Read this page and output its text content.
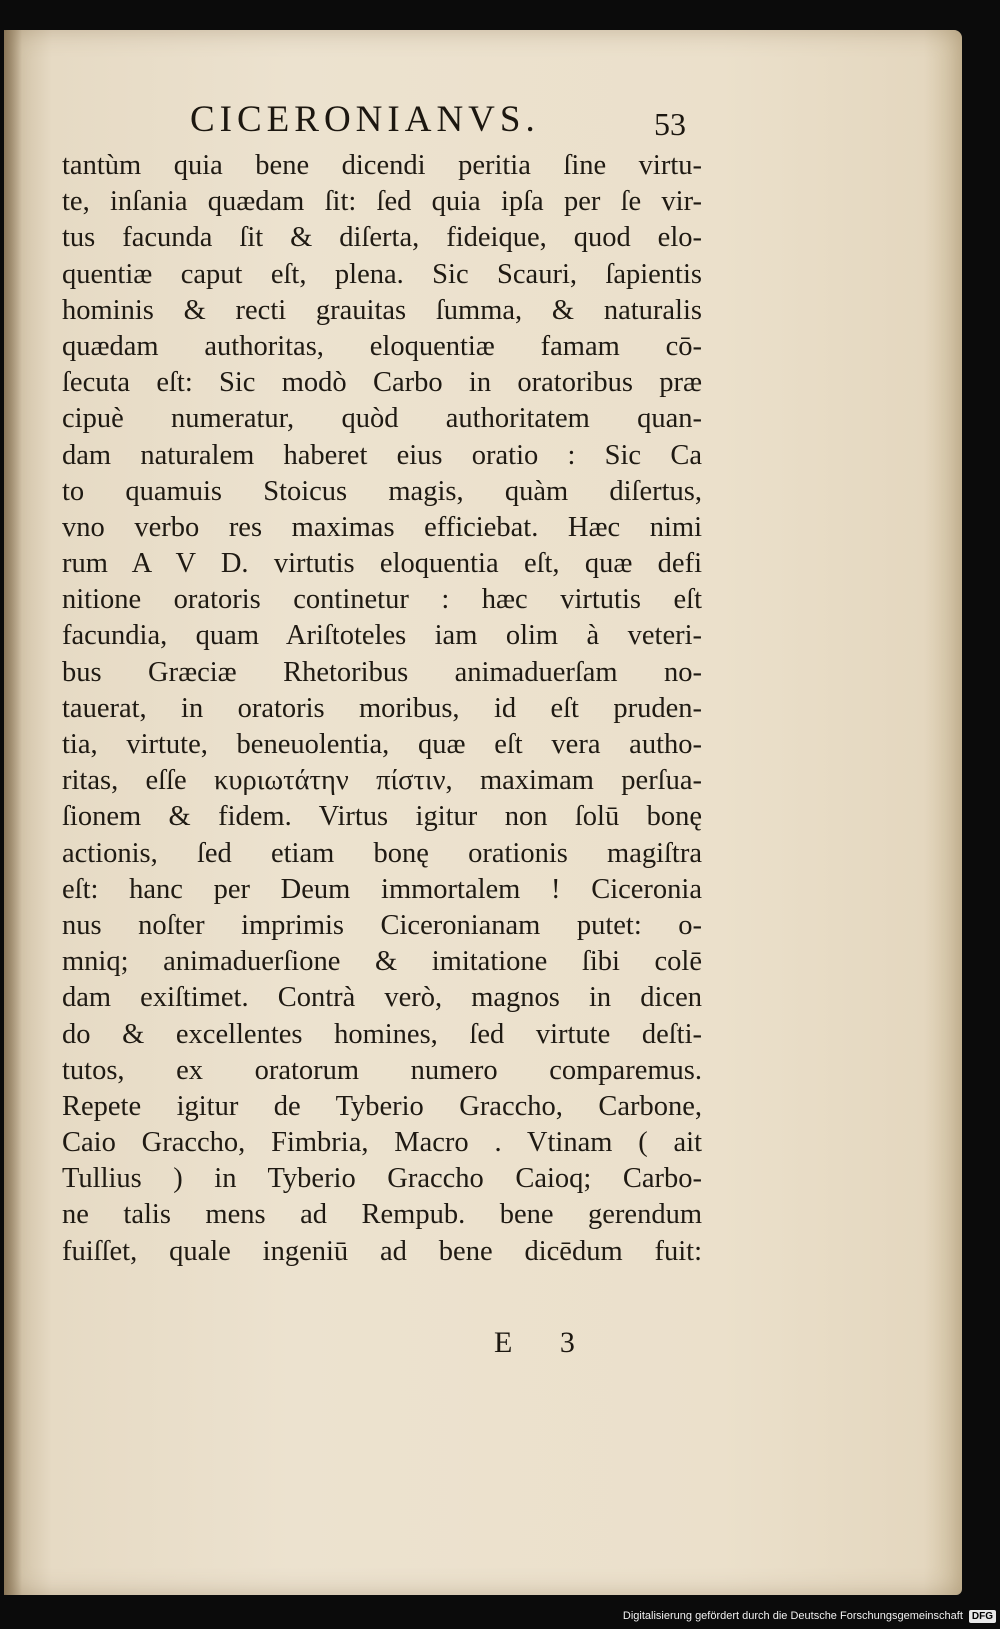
CICERONIANVS.	53
tantùm quia bene dicendi peritia ſine virtu-
te, inſania quædam ſit: ſed quia ipſa per ſe vir-
tus facunda ſit & diſerta, fideique, quod elo-
quentiæ caput eſt, plena. Sic Scauri, ſapientis
hominis & recti grauitas ſumma, & naturalis
quædam authoritas, eloquentiæ famam cō-
ſecuta eſt: Sic modò Carbo in oratoribus præ
cipuè numeratur, quòd authoritatem quan-
dam naturalem haberet eius oratio : Sic Ca
to quamuis Stoicus magis, quàm diſertus,
vno verbo res maximas efficiebat. Hæc nimi
rum A V D. virtutis eloquentia eſt, quæ defi
nitione oratoris continetur : hæc virtutis eſt
facundia, quam Ariſtoteles iam olim à veteri-
bus Græciæ Rhetoribus animaduerſam no-
tauerat, in oratoris moribus, id eſt pruden-
tia, virtute, beneuolentia, quæ eſt vera autho-
ritas, eſſe κυριωτάτην πίστιν, maximam perſua-
ſionem & fidem. Virtus igitur non ſolū bonę
actionis, ſed etiam bonę orationis magiſtra
eſt: hanc per Deum immortalem ! Ciceronia
nus noſter imprimis Ciceronianam putet: o-
mniq; animaduerſione & imitatione ſibi colē
dam exiſtimet. Contrà verò, magnos in dicen
do & excellentes homines, ſed virtute deſti-
tutos, ex oratorum numero comparemus.
Repete igitur de Tyberio Graccho, Carbone,
Caio Graccho, Fimbria, Macro . Vtinam ( ait
Tullius ) in Tyberio Graccho Caioq; Carbo-
ne talis mens ad Rempub. bene gerendum
fuiſſet, quale ingeniū ad bene dicēdum fuit:
E 3
Digitalisierung gefördert durch die Deutsche Forschungsgemeinschaft DFG
